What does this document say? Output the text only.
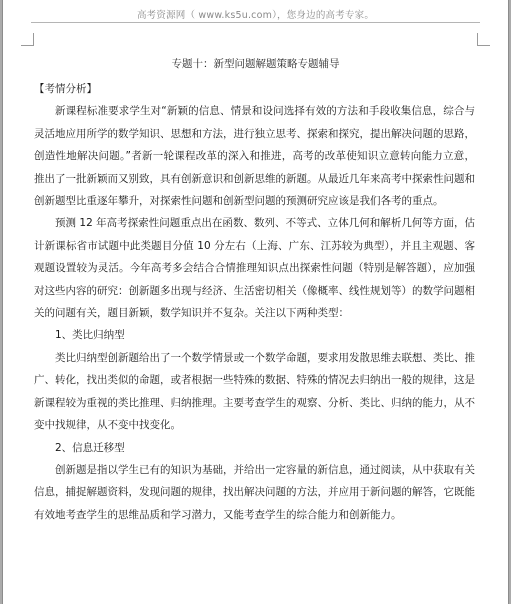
高考资源网（ www.ks5u.com），您身边的高考专家。
专题十：新型问题解题策略专题辅导

【考情分析】

新课程标准要求学生对“新颖的信息、情景和设问选择有效的方法和手段收集信息，综合与灵活地应用所学的数学知识、思想和方法，进行独立思考、探索和探究，提出解决问题的思路，创造性地解决问题。”者新一轮课程改革的深入和推进，高考的改革使知识立意转向能力立意，推出了一批新颖而又别致，具有创新意识和创新思维的新题。从最近几年来高考中探索性问题和创新题型比重逐年攀升，对探索性问题和创新型问题的预测研究应该是我们各考的重点。

预测 12 年高考探索性问题重点出在函数、数列、不等式、立体几何和解析几何等方面，估计新课标省市试题中此类题目分值 10 分左右（上海、广东、江苏较为典型），并且主观题、客观题设置较为灵活。今年高考多会结合合情推理知识点出探索性问题（特别是解答题），应加强对这些内容的研究：创新题多出现与经济、生活密切相关（像概率、线性规划等）的数学问题相关的问题有关，题目新颖，数学知识并不复杂。关注以下两种类型：

1、类比归纳型

类比归纳型创新题给出了一个数学情景或一个数学命题，要求用发散思维去联想、类比、推广、转化，找出类似的命题，或者根据一些特殊的数据、特殊的情况去归纳出一般的规律，这是新课程较为重视的类比推理、归纳推理。主要考查学生的观察、分析、类比、归纳的能力，从不变中找规律，从不变中找变化。

2、信息迁移型

创新题是指以学生已有的知识为基础，并给出一定容量的新信息，通过阅读，从中获取有关信息，捕捉解题资料，发现问题的规律，找出解决问题的方法，并应用于新问题的解答，它既能有效地考查学生的思维品质和学习潜力，又能考查学生的综合能力和创新能力。
